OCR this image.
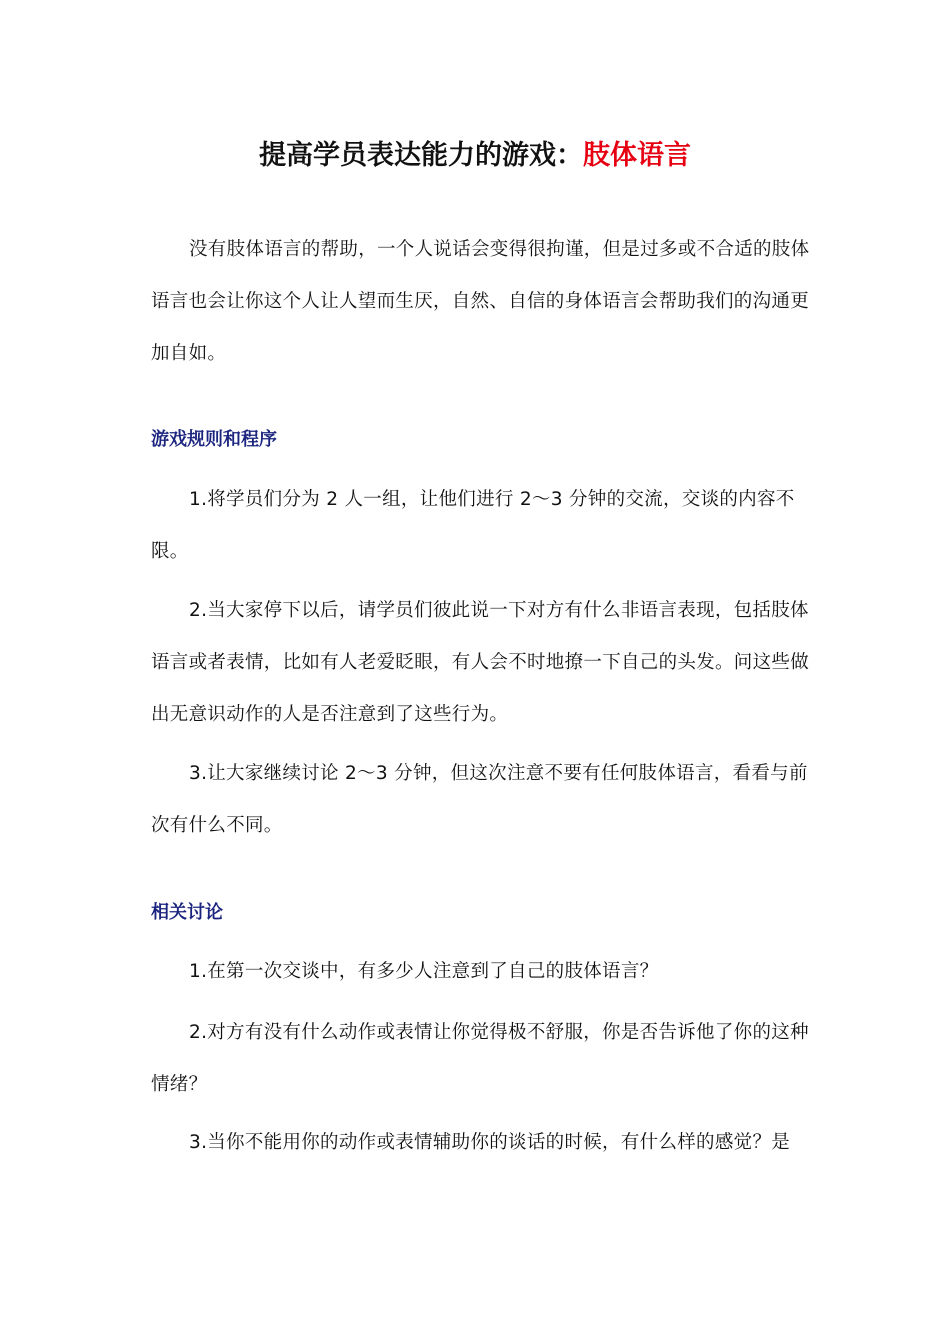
提高学员表达能力的游戏：肢体语言

没有肢体语言的帮助，一个人说话会变得很拘谨，但是过多或不合适的肢体语言也会让你这个人让人望而生厌，自然、自信的身体语言会帮助我们的沟通更加自如。

游戏规则和程序

1.将学员们分为 2 人一组，让他们进行 2～3 分钟的交流，交谈的内容不限。

2.当大家停下以后，请学员们彼此说一下对方有什么非语言表现，包括肢体语言或者表情，比如有人老爱眨眼，有人会不时地撩一下自己的头发。问这些做出无意识动作的人是否注意到了这些行为。

3.让大家继续讨论 2～3 分钟，但这次注意不要有任何肢体语言，看看与前次有什么不同。

相关讨论

1.在第一次交谈中，有多少人注意到了自己的肢体语言？

2.对方有没有什么动作或表情让你觉得极不舒服，你是否告诉他了你的这种情绪？

3.当你不能用你的动作或表情辅助你的谈话的时候，有什么样的感觉？是
